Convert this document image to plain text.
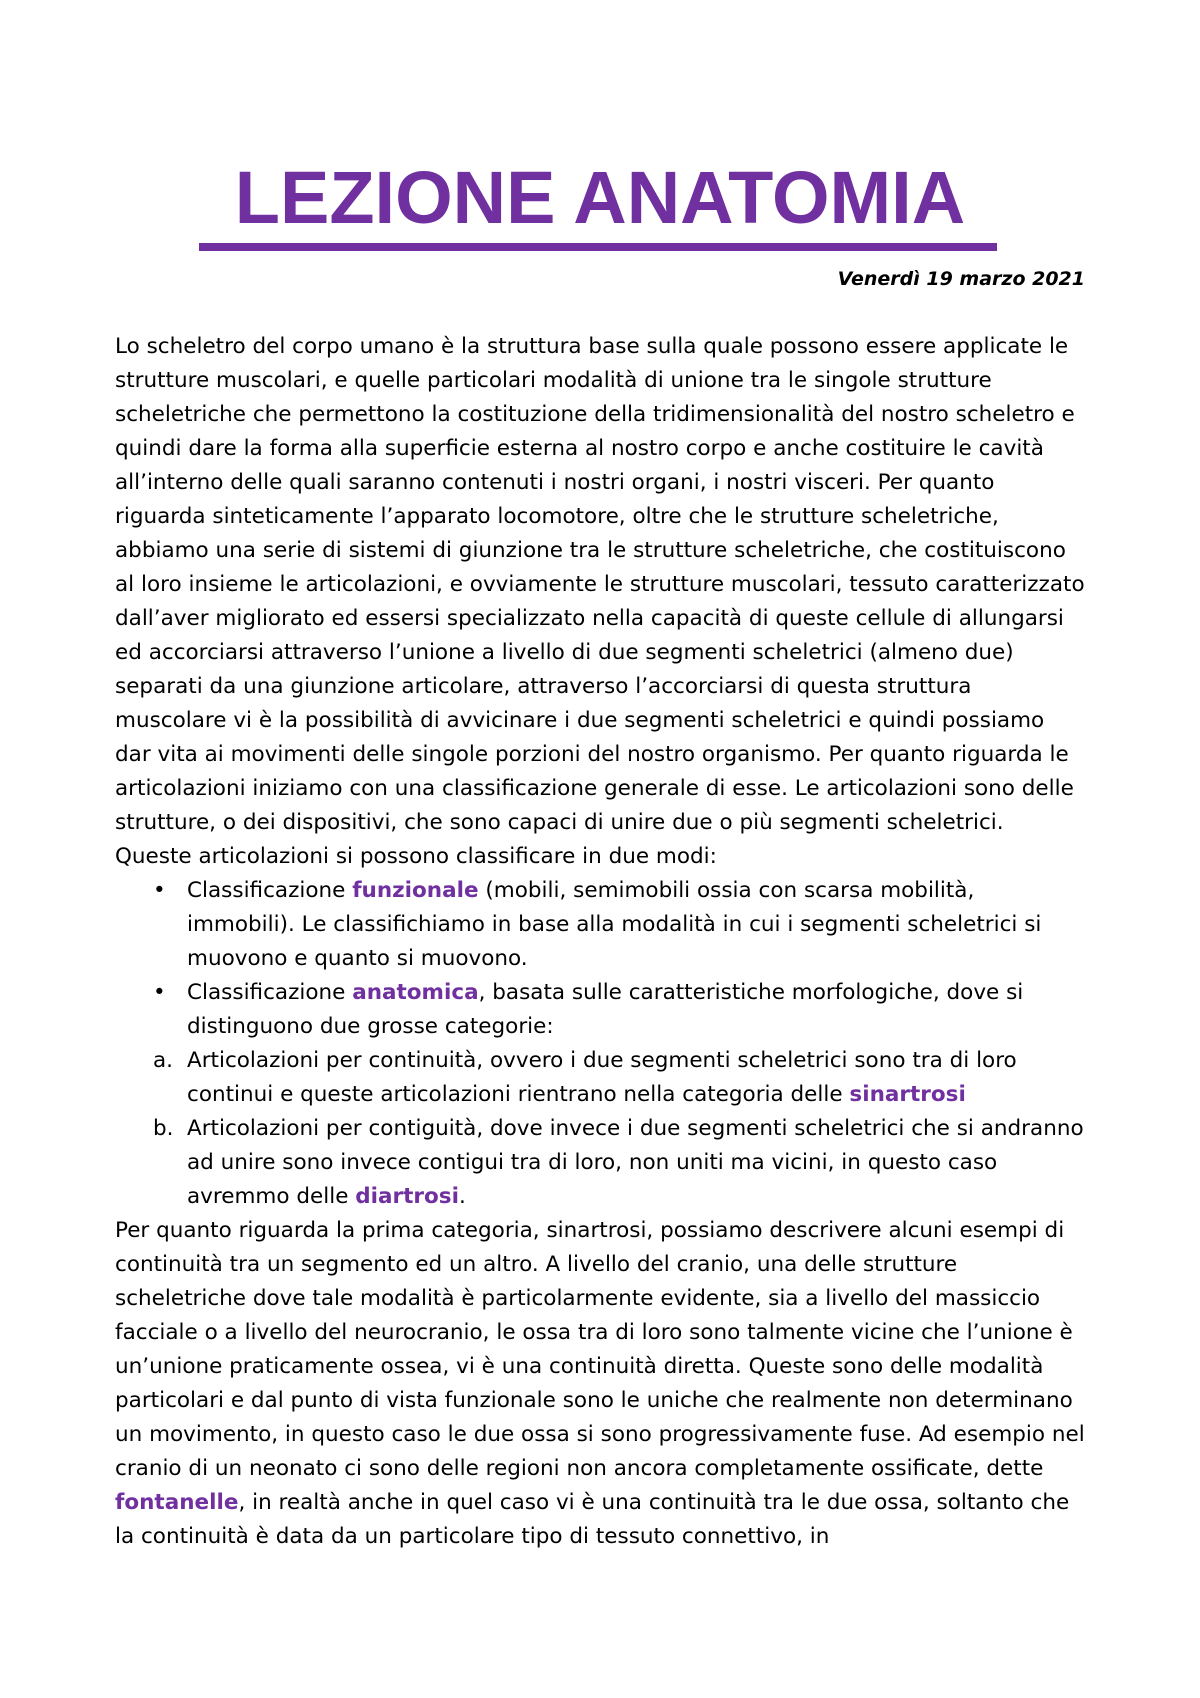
LEZIONE ANATOMIA
Venerdì 19 marzo 2021

Lo scheletro del corpo umano è la struttura base sulla quale possono essere applicate le strutture muscolari, e quelle particolari modalità di unione tra le singole strutture scheletriche che permettono la costituzione della tridimensionalità del nostro scheletro e quindi dare la forma alla superficie esterna al nostro corpo e anche costituire le cavità all’interno delle quali saranno contenuti i nostri organi, i nostri visceri. Per quanto riguarda sinteticamente l’apparato locomotore, oltre che le strutture scheletriche, abbiamo una serie di sistemi di giunzione tra le strutture scheletriche, che costituiscono al loro insieme le articolazioni, e ovviamente le strutture muscolari, tessuto caratterizzato dall’aver migliorato ed essersi specializzato nella capacità di queste cellule di allungarsi ed accorciarsi attraverso l’unione a livello di due segmenti scheletrici (almeno due) separati da una giunzione articolare, attraverso l’accorciarsi di questa struttura muscolare vi è la possibilità di avvicinare i due segmenti scheletrici e quindi possiamo dar vita ai movimenti delle singole porzioni del nostro organismo. Per quanto riguarda le articolazioni iniziamo con una classificazione generale di esse. Le articolazioni sono delle strutture, o dei dispositivi, che sono capaci di unire due o più segmenti scheletrici. Queste articolazioni si possono classificare in due modi:

• Classificazione funzionale (mobili, semimobili ossia con scarsa mobilità, immobili). Le classifichiamo in base alla modalità in cui i segmenti scheletrici si muovono e quanto si muovono.
• Classificazione anatomica, basata sulle caratteristiche morfologiche, dove si distinguono due grosse categorie:
a. Articolazioni per continuità, ovvero i due segmenti scheletrici sono tra di loro continui e queste articolazioni rientrano nella categoria delle sinartrosi
b. Articolazioni per contiguità, dove invece i due segmenti scheletrici che si andranno ad unire sono invece contigui tra di loro, non uniti ma vicini, in questo caso avremmo delle diartrosi.

Per quanto riguarda la prima categoria, sinartrosi, possiamo descrivere alcuni esempi di continuità tra un segmento ed un altro. A livello del cranio, una delle strutture scheletriche dove tale modalità è particolarmente evidente, sia a livello del massiccio facciale o a livello del neurocranio, le ossa tra di loro sono talmente vicine che l’unione è un’unione praticamente ossea, vi è una continuità diretta. Queste sono delle modalità particolari e dal punto di vista funzionale sono le uniche che realmente non determinano un movimento, in questo caso le due ossa si sono progressivamente fuse. Ad esempio nel cranio di un neonato ci sono delle regioni non ancora completamente ossificate, dette fontanelle, in realtà anche in quel caso vi è una continuità tra le due ossa, soltanto che la continuità è data da un particolare tipo di tessuto connettivo, in
